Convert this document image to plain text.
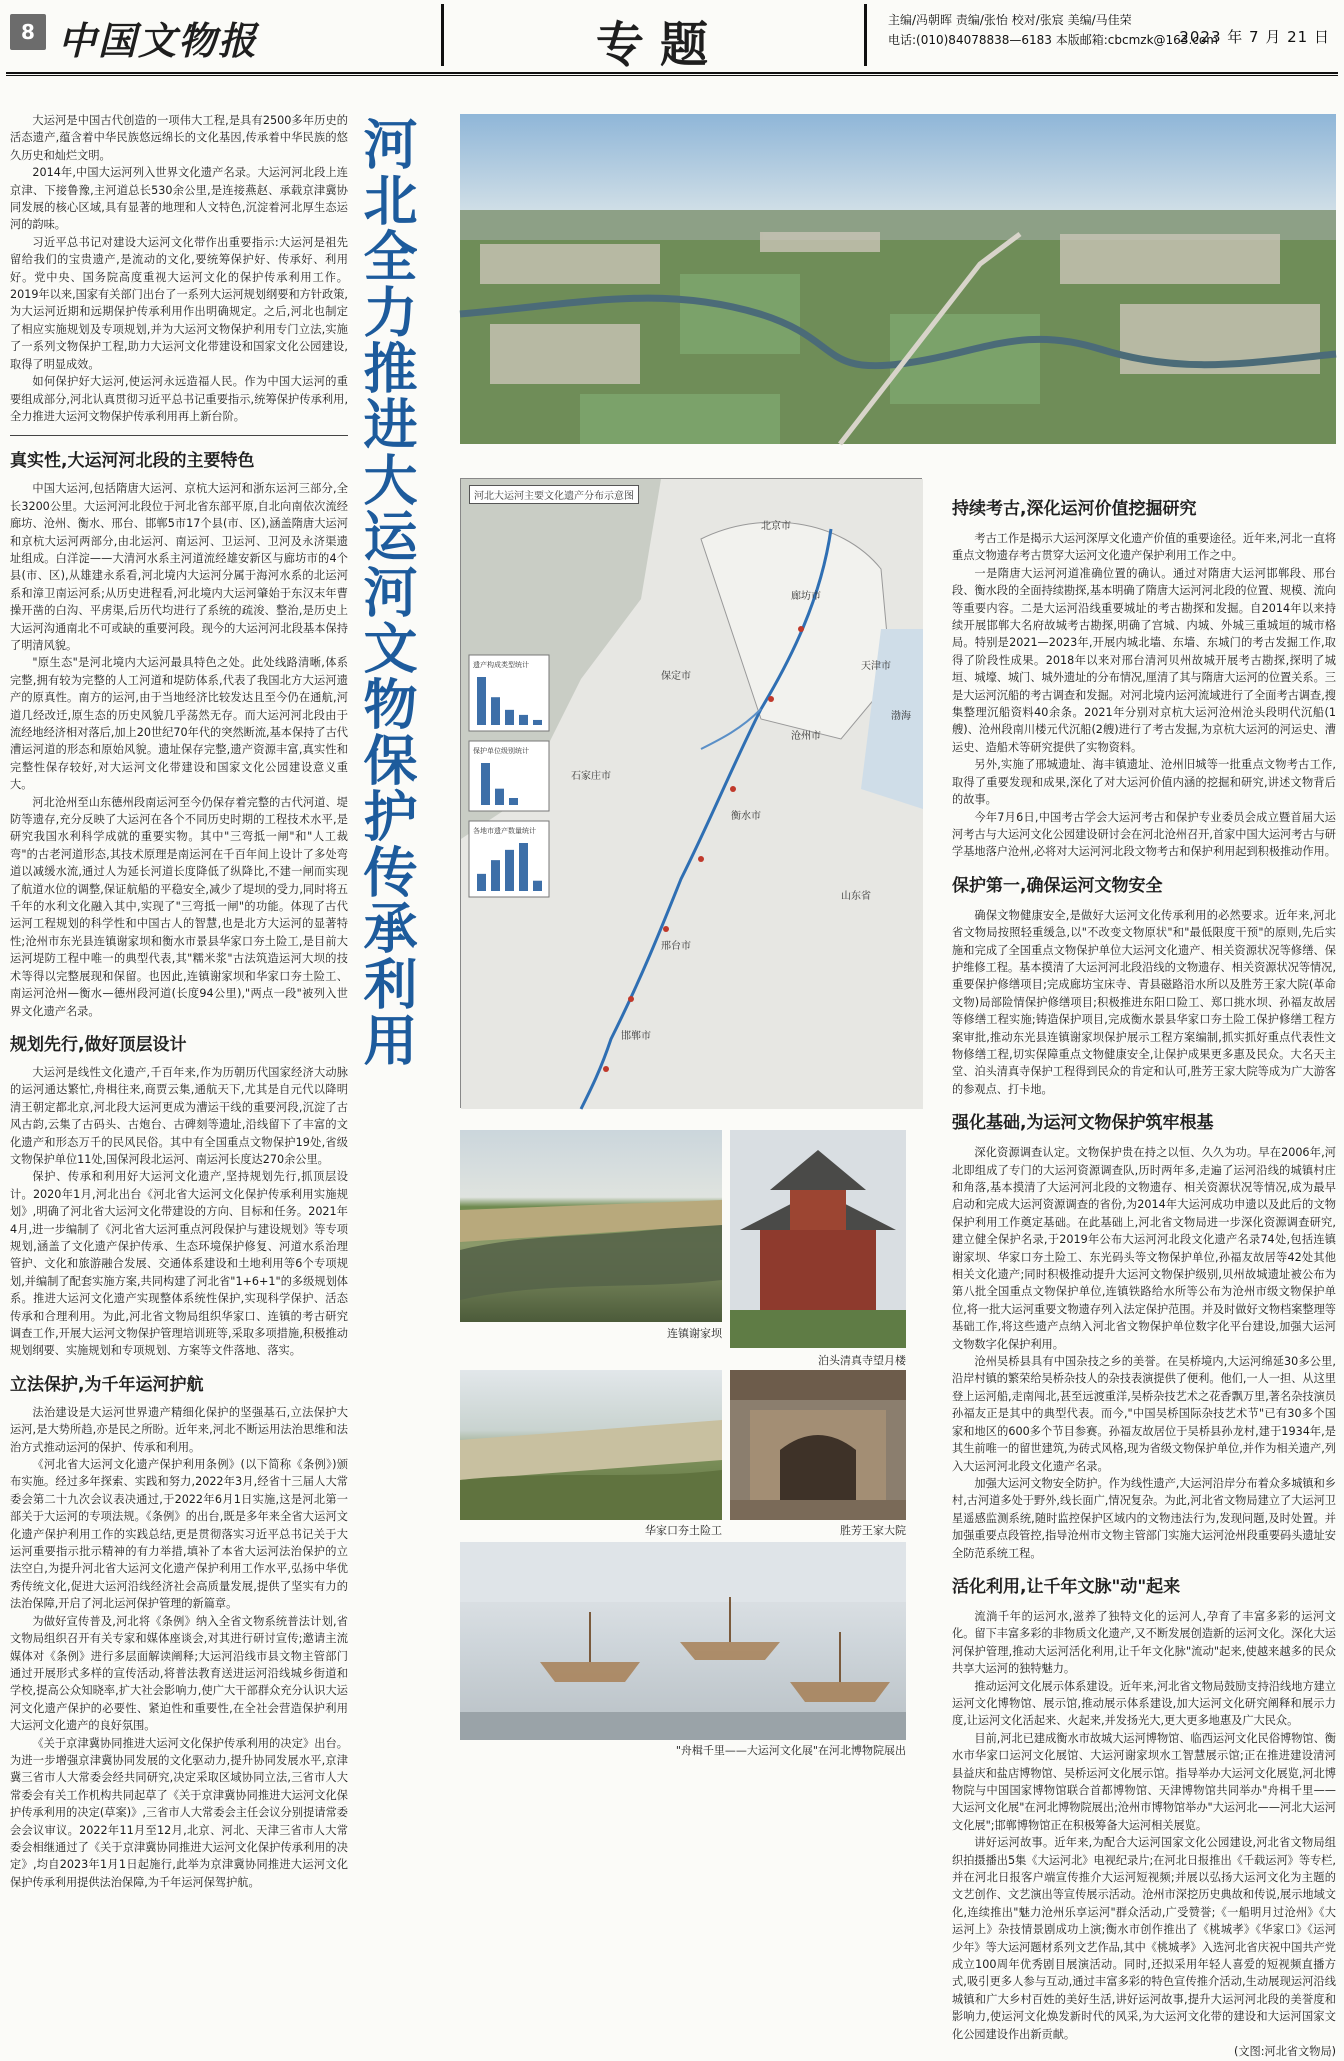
8 中国文物报	专题	主编/冯朝晖 责编/张怡 校对/张宸 美编/马佳荣
电话:(010)84078838—6183 本版邮箱:cbcmzk@163.com
2023 年 7 月 21 日

大运河是中国古代创造的一项伟大工程,是具有2500多年历史的活态遗产,蕴含着中华民族悠远绵长的文化基因,传承着中华民族的悠久历史和灿烂文明。

2014年,中国大运河列入世界文化遗产名录。大运河河北段上连京津、下接鲁豫,主河道总长530余公里,是连接燕赵、承载京津冀协同发展的核心区域,具有显著的地理和人文特色,沉淀着河北厚生态运河的韵味。

习近平总书记对建设大运河文化带作出重要指示:大运河是祖先留给我们的宝贵遗产,是流动的文化,要统筹保护好、传承好、利用好。党中央、国务院高度重视大运河文化的保护传承利用工作。2019年以来,国家有关部门出台了一系列大运河规划纲要和方针政策,为大运河近期和远期保护传承利用作出明确规定。之后,河北也制定了相应实施规划及专项规划,并为大运河文物保护利用专门立法,实施了一系列文物保护工程,助力大运河文化带建设和国家文化公园建设,取得了明显成效。

如何保护好大运河,使运河永远造福人民。作为中国大运河的重要组成部分,河北认真贯彻习近平总书记重要指示,统筹保护传承利用,全力推进大运河文物保护传承利用再上新台阶。

真实性,大运河河北段的主要特色

中国大运河,包括隋唐大运河、京杭大运河和浙东运河三部分,全长3200公里。大运河河北段位于河北省东部平原,自北向南依次流经廊坊、沧州、衡水、邢台、邯郸5市17个县(市、区),涵盖隋唐大运河和京杭大运河两部分,由北运河、南运河、卫运河、卫河及永济渠遗址组成。白洋淀——大清河水系主河道流经雄安新区与廊坊市的4个县(市、区),从雄建永系看,河北境内大运河分属于海河水系的北运河系和漳卫南运河系;从历史进程看,河北境内大运河肇始于东汉末年曹操开凿的白沟、平虏渠,后历代均进行了系统的疏浚、整治,是历史上大运河沟通南北不可或缺的重要河段。现今的大运河河北段基本保持了明清风貌。

"原生态"是河北境内大运河最具特色之处。此处线路清晰,体系完整,拥有较为完整的人工河道和堤防体系,代表了我国北方大运河遗产的原真性。南方的运河,由于当地经济比较发达且至今仍在通航,河道几经改迁,原生态的历史风貌几乎荡然无存。而大运河河北段由于流经地经济相对落后,加上20世纪70年代的突然断流,基本保持了古代漕运河道的形态和原始风貌。遗址保存完整,遗产资源丰富,真实性和完整性保存较好,对大运河文化带建设和国家文化公园建设意义重大。

河北沧州至山东德州段南运河至今仍保存着完整的古代河道、堤防等遗存,充分反映了大运河在各个不同历史时期的工程技术水平,是研究我国水利科学成就的重要实物。其中"三弯抵一闸"和"人工裁弯"的古老河道形态,其技术原理是南运河在千百年间上设计了多处弯道以减缓水流,通过人为延长河道长度降低了纵降比,不建一闸而实现了航道水位的调整,保证航船的平稳安全,减少了堤坝的受力,同时将五千年的水利文化融入其中,实现了"三弯抵一闸"的功能。体现了古代运河工程规划的科学性和中国古人的智慧,也是北方大运河的显著特性;沧州市东光县连镇谢家坝和衡水市景县华家口夯土险工,是目前大运河堤防工程中唯一的典型代表,其"糯米浆"古法筑造运河大坝的技术等得以完整展现和保留。也因此,连镇谢家坝和华家口夯土险工、南运河沧州—衡水—德州段河道(长度94公里),"两点一段"被列入世界文化遗产名录。

规划先行,做好顶层设计

大运河是线性文化遗产,千百年来,作为历朝历代国家经济大动脉的运河通达繁忙,舟楫往来,商贾云集,通航天下,尤其是自元代以降明清王朝定都北京,河北段大运河更成为漕运干线的重要河段,沉淀了古风古韵,云集了古码头、古炮台、古碑刻等遗址,沿线留下了丰富的文化遗产和形态万千的民风民俗。其中有全国重点文物保护19处,省级文物保护单位11处,国保河段北运河、南运河长度达270余公里。

保护、传承和利用好大运河文化遗产,坚持规划先行,抓顶层设计。2020年1月,河北出台《河北省大运河文化保护传承利用实施规划》,明确了河北省大运河文化带建设的方向、目标和任务。2021年4月,进一步编制了《河北省大运河重点河段保护与建设规划》等专项规划,涵盖了文化遗产保护传承、生态环境保护修复、河道水系治理管护、文化和旅游融合发展、交通体系建设和土地利用等6个专项规划,并编制了配套实施方案,共同构建了河北省"1+6+1"的多级规划体系。推进大运河文化遗产实现整体系统性保护,实现科学保护、活态传承和合理利用。为此,河北省文物局组织华家口、连镇的考古研究调查工作,开展大运河文物保护管理培训班等,采取多项措施,积极推动规划纲要、实施规划和专项规划、方案等文件落地、落实。

立法保护,为千年运河护航

法治建设是大运河世界遗产精细化保护的坚强基石,立法保护大运河,是大势所趋,亦是民之所盼。近年来,河北不断运用法治思维和法治方式推动运河的保护、传承和利用。

《河北省大运河文化遗产保护利用条例》(以下简称《条例》)颁布实施。经过多年探索、实践和努力,2022年3月,经省十三届人大常委会第二十九次会议表决通过,于2022年6月1日实施,这是河北第一部关于大运河的专项法规。《条例》的出台,既是多年来全省大运河文化遗产保护利用工作的实践总结,更是贯彻落实习近平总书记关于大运河重要指示批示精神的有力举措,填补了本省大运河法治保护的立法空白,为提升河北省大运河文化遗产保护利用工作水平,弘扬中华优秀传统文化,促进大运河沿线经济社会高质量发展,提供了坚实有力的法治保障,开启了河北运河保护管理的新篇章。

为做好宣传普及,河北将《条例》纳入全省文物系统普法计划,省文物局组织召开有关专家和媒体座谈会,对其进行研讨宣传;邀请主流媒体对《条例》进行多层面解读阐释;大运河沿线市县文物主管部门通过开展形式多样的宣传活动,将普法教育送进运河沿线城乡街道和学校,提高公众知晓率,扩大社会影响力,使广大干部群众充分认识大运河文化遗产保护的必要性、紧迫性和重要性,在全社会营造保护利用大运河文化遗产的良好氛围。

《关于京津冀协同推进大运河文化保护传承利用的决定》出台。为进一步增强京津冀协同发展的文化驱动力,提升协同发展水平,京津冀三省市人大常委会经共同研究,决定采取区域协同立法,三省市人大常委会有关工作机构共同起草了《关于京津冀协同推进大运河文化保护传承利用的决定(草案)》,三省市人大常委会主任会议分别提请常委会会议审议。2022年11月至12月,北京、河北、天津三省市人大常委会相继通过了《关于京津冀协同推进大运河文化保护传承利用的决定》,均自2023年1月1日起施行,此举为京津冀协同推进大运河文化保护传承利用提供法治保障,为千年运河保驾护航。

河北全力推进大运河文物保护传承利用	北京市
天津市
廊坊市
保定市
沧州市
衡水市
邢台市
邯郸市
石家庄市
山东省
渤海
遗产构成类型统计
保护单位级别统计
各地市遗产数量统计
河北大运河主要文化遗产分布示意图
持续考古,深化运河价值挖掘研究

考古工作是揭示大运河深厚文化遗产价值的重要途径。近年来,河北一直将重点文物遗存考古贯穿大运河文化遗产保护利用工作之中。

一是隋唐大运河河道准确位置的确认。通过对隋唐大运河邯郸段、邢台段、衡水段的全面持续勘探,基本明确了隋唐大运河河北段的位置、规模、流向等重要内容。二是大运河沿线重要城址的考古勘探和发掘。自2014年以来持续开展邯郸大名府故城考古勘探,明确了宫城、内城、外城三重城垣的城市格局。特别是2021—2023年,开展内城北墙、东墙、东城门的考古发掘工作,取得了阶段性成果。2018年以来对邢台清河贝州故城开展考古勘探,探明了城垣、城壕、城门、城外遗址的分布情况,厘清了其与隋唐大运河的位置关系。三是大运河沉船的考古调查和发掘。对河北境内运河流域进行了全面考古调查,搜集整理沉船资料40余条。2021年分别对京杭大运河沧州沧头段明代沉船(1艘)、沧州段南川楼元代沉船(2艘)进行了考古发掘,为京杭大运河的河运史、漕运史、造船术等研究提供了实物资料。

另外,实施了邢城遗址、海丰镇遗址、沧州旧城等一批重点文物考古工作,取得了重要发现和成果,深化了对大运河价值内涵的挖掘和研究,讲述文物背后的故事。

今年7月6日,中国考古学会大运河考古和保护专业委员会成立暨首届大运河考古与大运河文化公园建设研讨会在河北沧州召开,首家中国大运河考古与研学基地落户沧州,必将对大运河河北段文物考古和保护利用起到积极推动作用。

保护第一,确保运河文物安全

确保文物健康安全,是做好大运河文化传承利用的必然要求。近年来,河北省文物局按照轻重缓急,以"不改变文物原状"和"最低限度干预"的原则,先后实施和完成了全国重点文物保护单位大运河文化遗产、相关资源状况等修缮、保护维修工程。基本摸清了大运河河北段沿线的文物遗存、相关资源状况等情况,重要保护修缮项目;完成廊坊宝床寺、青县磁路沿水所以及胜芳王家大院(革命文物)局部险情保护修缮项目;积极推进东阳口险工、郑口挑水坝、孙福友故居等修缮工程实施;铸造保护项目,完成衡水景县华家口夯土险工保护修缮工程方案审批,推动东光县连镇谢家坝保护展示工程方案编制,抓实抓好重点代表性文物修缮工程,切实保障重点文物健康安全,让保护成果更多惠及民众。大名天主堂、泊头清真寺保护工程得到民众的肯定和认可,胜芳王家大院等成为广大游客的参观点、打卡地。

强化基础,为运河文物保护筑牢根基

深化资源调查认定。文物保护贵在持之以恒、久久为功。早在2006年,河北即组成了专门的大运河资源调查队,历时两年多,走遍了运河沿线的城镇村庄和角落,基本摸清了大运河河北段的文物遗存、相关资源状况等情况,成为最早启动和完成大运河资源调查的省份,为2014年大运河成功申遗以及此后的文物保护利用工作奠定基础。在此基础上,河北省文物局进一步深化资源调查研究,建立健全保护名录,于2019年公布大运河河北段文化遗产名录74处,包括连镇谢家坝、华家口夯土险工、东光码头等文物保护单位,孙福友故居等42处其他相关文化遗产;同时积极推动提升大运河文物保护级别,贝州故城遗址被公布为第八批全国重点文物保护单位,连镇铁路给水所等公布为沧州市级文物保护单位,将一批大运河重要文物遗存列入法定保护范围。并及时做好文物档案整理等基础工作,将这些遗产点纳入河北省文物保护单位数字化平台建设,加强大运河文物数字化保护利用。

沧州吴桥县具有中国杂技之乡的美誉。在吴桥境内,大运河绵延30多公里,沿岸村镇的繁荣给吴桥杂技人的杂技表演提供了便利。他们,一人一担、从这里登上运河船,走南闯北,甚至远渡重洋,吴桥杂技艺术之花香飘万里,著名杂技演员孙福友正是其中的典型代表。而今,"中国吴桥国际杂技艺术节"已有30多个国家和地区的600多个节目参赛。孙福友故居位于吴桥县孙龙村,建于1934年,是其生前唯一的留世建筑,为砖式风格,现为省级文物保护单位,并作为相关遗产,列入大运河河北段文化遗产名录。

加强大运河文物安全防护。作为线性遗产,大运河沿岸分布着众多城镇和乡村,古河道多处于野外,线长面广,情况复杂。为此,河北省文物局建立了大运河卫星遥感监测系统,随时监控保护区域内的文物违法行为,发现问题,及时处置。并加强重要点段管控,指导沧州市文物主管部门实施大运河沧州段重要码头遗址安全防范系统工程。

活化利用,让千年文脉"动"起来

流淌千年的运河水,滋养了独特文化的运河人,孕育了丰富多彩的运河文化。留下丰富多彩的非物质文化遗产,又不断发展创造新的运河文化。深化大运河保护管理,推动大运河活化利用,让千年文化脉"流动"起来,使越来越多的民众共享大运河的独特魅力。

推动运河文化展示体系建设。近年来,河北省文物局鼓励支持沿线地方建立运河文化博物馆、展示馆,推动展示体系建设,加大运河文化研究阐释和展示力度,让运河文化活起来、火起来,并发扬光大,更大更多地惠及广大民众。

目前,河北已建成衡水市故城大运河博物馆、临西运河文化民俗博物馆、衡水市华家口运河文化展馆、大运河谢家坝水工智慧展示馆;正在推进建设清河县益庆和盐店博物馆、吴桥运河文化展示馆。指导举办大运河文化展览,河北博物院与中国国家博物馆联合首都博物馆、天津博物馆共同举办"舟楫千里——大运河文化展"在河北博物院展出;沧州市博物馆举办"大运河北——河北大运河文化展";邯郸博物馆正在积极筹备大运河相关展览。

讲好运河故事。近年来,为配合大运河国家文化公园建设,河北省文物局组织拍摄播出5集《大运河北》电视纪录片;在河北日报推出《千载运河》等专栏,并在河北日报客户端宣传推介大运河短视频;并展以弘扬大运河文化为主题的文艺创作、文艺演出等宣传展示活动。沧州市深挖历史典故和传说,展示地域文化,连续推出"魅力沧州乐享运河"群众活动,广受赞誉;《一船明月过沧州》《大运河上》杂技情景剧成功上演;衡水市创作推出了《桃城孝》《华家口》《运河少年》等大运河题材系列文艺作品,其中《桃城孝》入选河北省庆祝中国共产党成立100周年优秀剧目展演活动。同时,还拟采用年轻人喜爱的短视频直播方式,吸引更多人参与互动,通过丰富多彩的特色宣传推介活动,生动展现运河沿线城镇和广大乡村百姓的美好生活,讲好运河故事,提升大运河河北段的美誉度和影响力,使运河文化焕发新时代的风采,为大运河文化带的建设和大运河国家文化公园建设作出新贡献。

(文图:河北省文物局)

连镇谢家坝
泊头清真寺望月楼
华家口夯土险工	胜芳王家大院
"舟楫千里——大运河文化展"在河北博物院展出
